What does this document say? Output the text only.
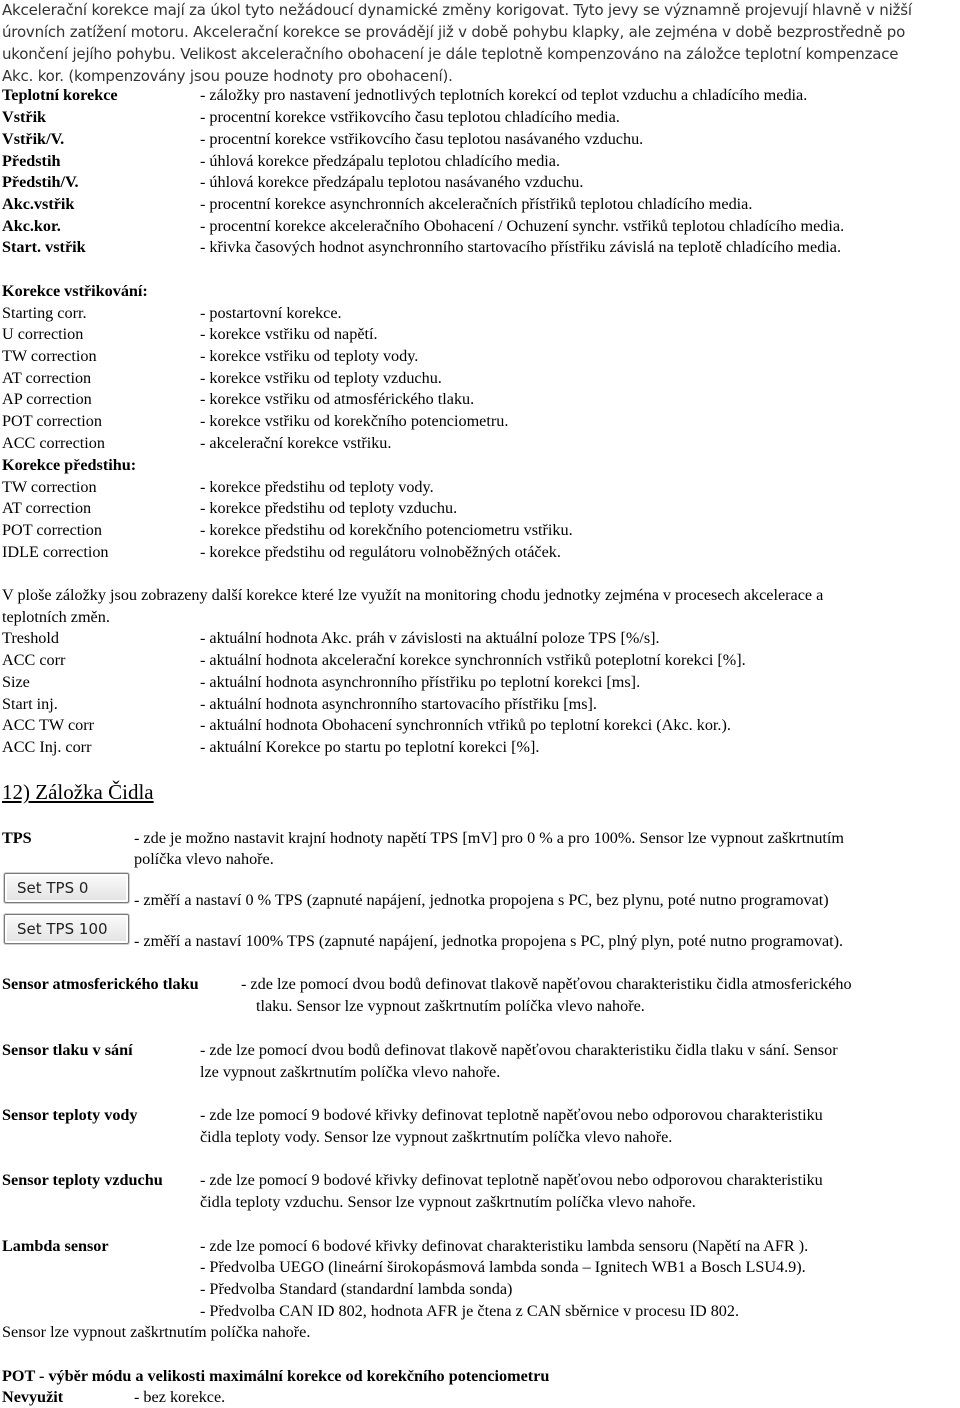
Akcelerační korekce mají za úkol tyto nežádoucí dynamické změny korigovat. Tyto jevy se významně projevují hlavně v nižší
úrovních zatížení motoru. Akcelerační korekce se provádějí již v době pohybu klapky, ale zejména v době bezprostředně po
ukončení jejího pohybu. Velikost akceleračního obohacení je dále teplotně kompenzováno na záložce teplotní kompenzace
Akc. kor. (kompenzovány jsou pouze hodnoty pro obohacení).
Teplotní korekce	- záložky pro nastavení jednotlivých teplotních korekcí od teplot vzduchu a chladícího media.
Vstřik	- procentní korekce vstřikovcího času teplotou chladícího media.
Vstřik/V.	- procentní korekce vstřikovcího času teplotou nasávaného vzduchu.
Předstih	- úhlová korekce předzápalu teplotou chladícího media.
Předstih/V.	- úhlová korekce předzápalu teplotou nasávaného vzduchu.
Akc.vstřik	- procentní korekce asynchronních akceleračních přístřiků teplotou chladícího media.
Akc.kor.	- procentní korekce akceleračního Obohacení / Ochuzení synchr. vstřiků teplotou chladícího media.
Start. vstřik	- křivka časových hodnot asynchronního startovacího přístřiku závislá na teplotě chladícího media.
Korekce vstřikování:
Starting corr.	- postartovní korekce.
U correction	- korekce vstřiku od napětí.
TW correction	- korekce vstřiku od teploty vody.
AT correction	- korekce vstřiku od teploty vzduchu.
AP correction	- korekce vstřiku od atmosférického tlaku.
POT correction	- korekce vstřiku od korekčního potenciometru.
ACC correction	- akcelerační korekce vstřiku.
Korekce předstihu:
TW correction	- korekce předstihu od teploty vody.
AT correction	- korekce předstihu od teploty vzduchu.
POT correction	- korekce předstihu od korekčního potenciometru vstřiku.
IDLE correction	- korekce předstihu od regulátoru volnoběžných otáček.
V ploše záložky jsou zobrazeny další korekce které lze využít na monitoring chodu jednotky zejména v procesech akcelerace a
teplotních změn.
Treshold	- aktuální hodnota Akc. práh v závislosti na aktuální poloze TPS [%/s].
ACC corr	- aktuální hodnota akcelerační korekce synchronních vstřiků poteplotní korekci [%].
Size	- aktuální hodnota asynchronního přístřiku po teplotní korekci [ms].
Start inj.	- aktuální hodnota asynchronního startovacího přístřiku [ms].
ACC TW corr	- aktuální hodnota Obohacení synchronních vtřiků po teplotní korekci (Akc. kor.).
ACC Inj. corr	- aktuální Korekce po startu po teplotní korekci [%].
12) Záložka Čidla
TPS	- zde je možno nastavit krajní hodnoty napětí TPS [mV] pro 0 % a pro 100%. Sensor lze vypnout zaškrtnutím
políčka vlevo nahoře.
Set TPS 0
- změří a nastaví 0 % TPS (zapnuté napájení, jednotka propojena s PC, bez plynu, poté nutno programovat)
Set TPS 100
- změří a nastaví 100% TPS (zapnuté napájení, jednotka propojena s PC, plný plyn, poté nutno programovat).
Sensor atmosferického tlaku	- zde lze pomocí dvou bodů definovat tlakově napěťovou charakteristiku čidla atmosferického
tlaku. Sensor lze vypnout zaškrtnutím políčka vlevo nahoře.
Sensor tlaku v sání	- zde lze pomocí dvou bodů definovat tlakově napěťovou charakteristiku čidla tlaku v sání. Sensor
lze vypnout zaškrtnutím políčka vlevo nahoře.
Sensor teploty vody	- zde lze pomocí 9 bodové křivky definovat teplotně napěťovou nebo odporovou charakteristiku
čidla teploty vody. Sensor lze vypnout zaškrtnutím políčka vlevo nahoře.
Sensor teploty vzduchu - zde lze pomocí 9 bodové křivky definovat teplotně napěťovou nebo odporovou charakteristiku
čidla teploty vzduchu. Sensor lze vypnout zaškrtnutím políčka vlevo nahoře.
Lambda sensor	- zde lze pomocí 6 bodové křivky definovat charakteristiku lambda sensoru (Napětí na AFR ).
- Předvolba UEGO (lineární širokopásmová lambda sonda – Ignitech WB1 a Bosch LSU4.9).
- Předvolba Standard (standardní lambda sonda)
- Předvolba CAN ID 802, hodnota AFR je čtena z CAN sběrnice v procesu ID 802.
Sensor lze vypnout zaškrtnutím políčka nahoře.
POT - výběr módu a velikosti maximální korekce od korekčního potenciometru
Nevyužit	- bez korekce.
